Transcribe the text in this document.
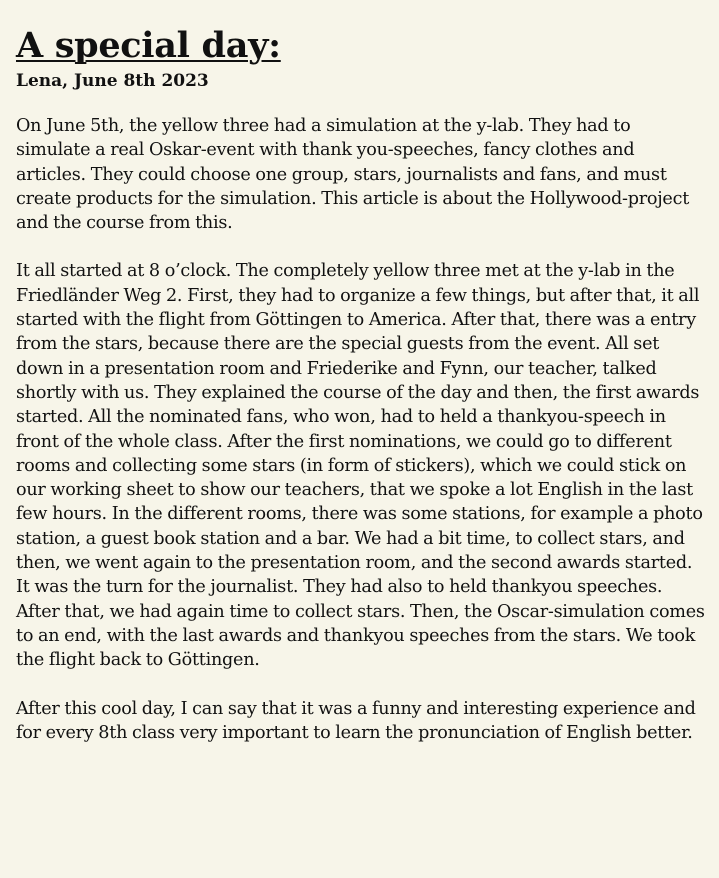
A special day:
Lena, June 8th 2023

On June 5th, the yellow three had a simulation at the y-lab. They had to simulate a real Oskar-event with thank you-speeches, fancy clothes and articles. They could choose one group, stars, journalists and fans, and must create products for the simulation. This article is about the Hollywood-project and the course from this.

It all started at 8 o’clock. The completely yellow three met at the y-lab in the Friedländer Weg 2. First, they had to organize a few things, but after that, it all started with the flight from Göttingen to America. After that, there was a entry from the stars, because there are the special guests from the event. All set down in a presentation room and Friederike and Fynn, our teacher, talked shortly with us. They explained the course of the day and then, the first awards started. All the nominated fans, who won, had to held a thankyou-speech in front of the whole class. After the first nominations, we could go to different rooms and collecting some stars (in form of stickers), which we could stick on our working sheet to show our teachers, that we spoke a lot English in the last few hours. In the different rooms, there was some stations, for example a photo station, a guest book station and a bar. We had a bit time, to collect stars, and then, we went again to the presentation room, and the second awards started. It was the turn for the journalist. They had also to held thankyou speeches. After that, we had again time to collect stars. Then, the Oscar-simulation comes to an end, with the last awards and thankyou speeches from the stars. We took the flight back to Göttingen.

After this cool day, I can say that it was a funny and interesting experience and for every 8th class very important to learn the pronunciation of English better.
